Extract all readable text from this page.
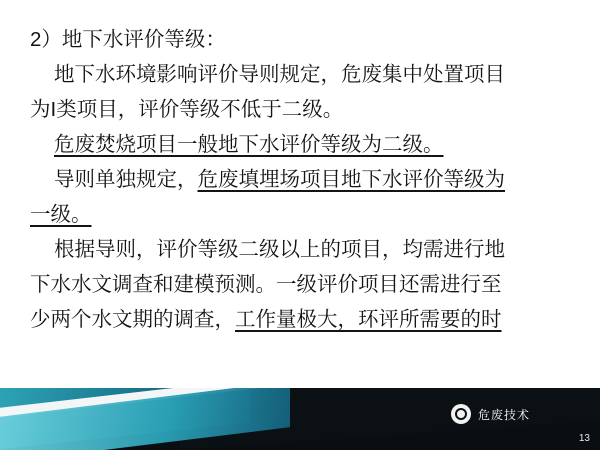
2）地下水评价等级：
地下水环境影响评价导则规定，危废集中处置项目
为I类项目，评价等级不低于二级。
危废焚烧项目一般地下水评价等级为二级。
导则单独规定，危废填埋场项目地下水评价等级为
一级。
根据导则，评价等级二级以上的项目，均需进行地
下水水文调查和建模预测。一级评价项目还需进行至
少两个水文期的调查，工作量极大，环评所需要的时
危废技术
13
